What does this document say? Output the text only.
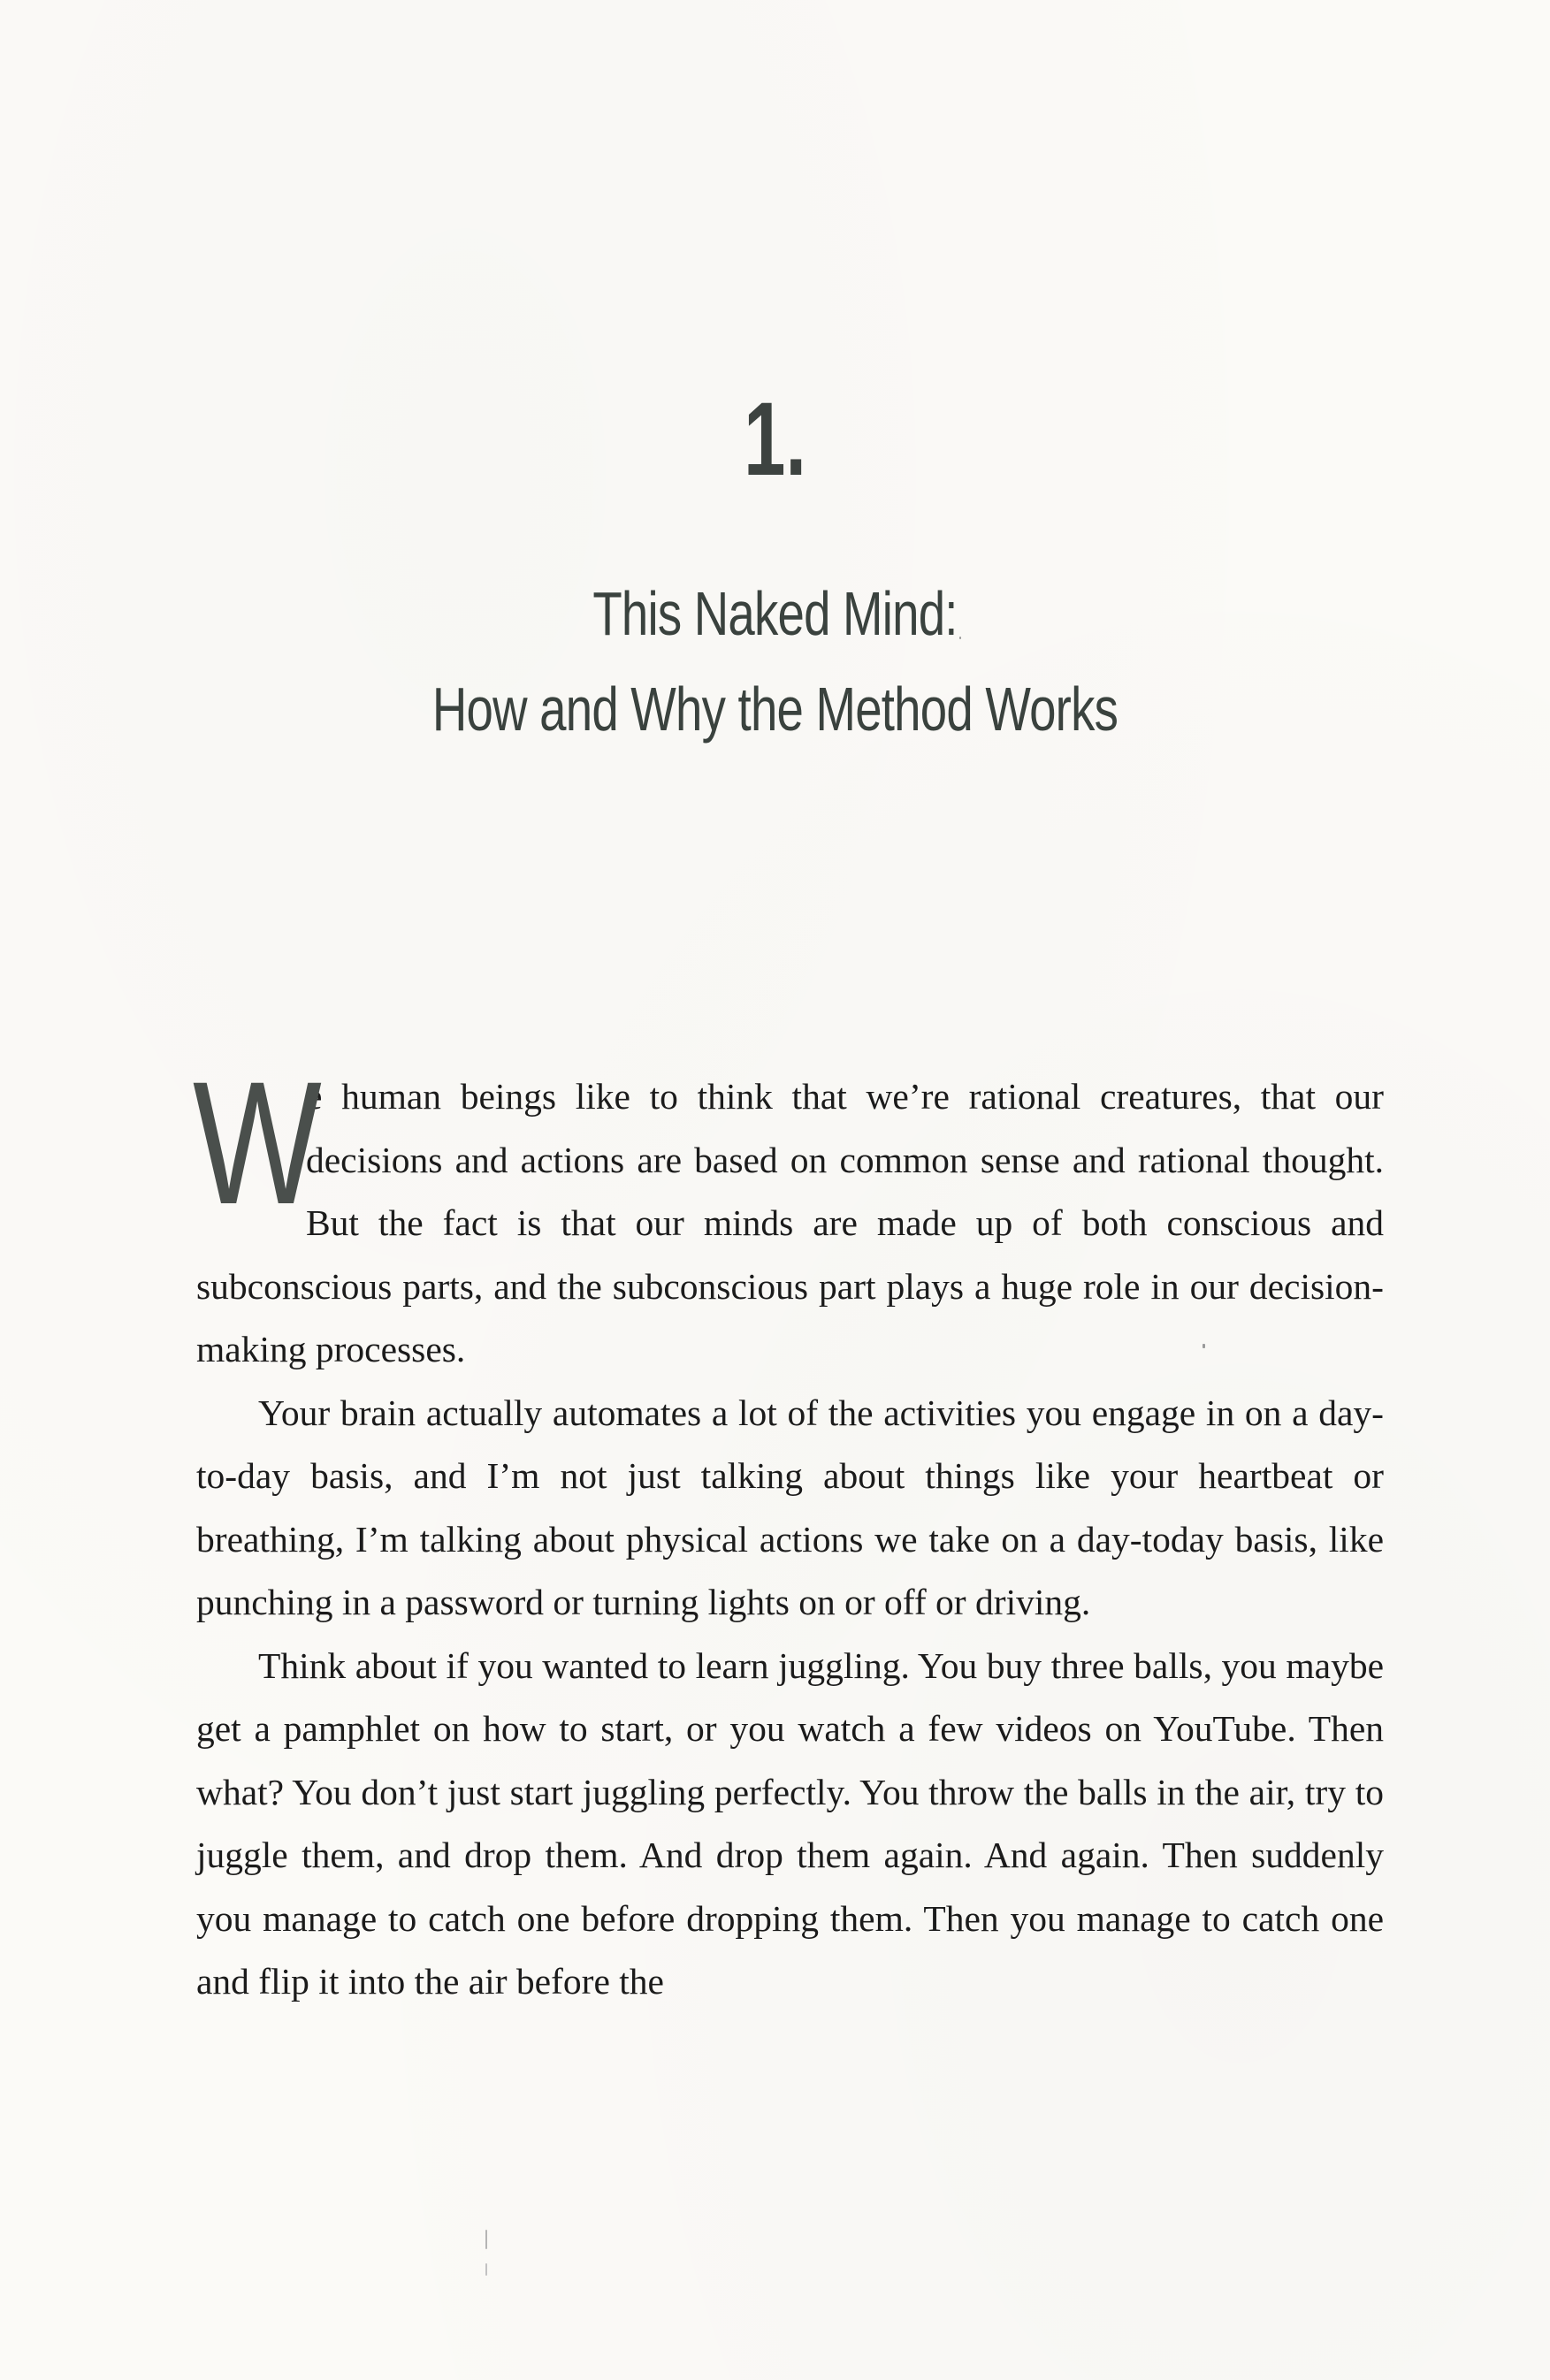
1.
This Naked Mind:
How and Why the Method Works

W
e human beings like to think that we’re rational creatures, that our decisions and actions are based on common sense and rational thought. But the fact is that our minds are made up of both conscious and subconscious parts, and the subconscious part plays a huge role in our decision-making processes.

Your brain actually automates a lot of the activities you engage in on a day-to-day basis, and I’m not just talking about things like your heartbeat or breathing, I’m talking about physical actions we take on a day-today basis, like punching in a password or turning lights on or off or driving.

Think about if you wanted to learn juggling. You buy three balls, you maybe get a pamphlet on how to start, or you watch a few videos on YouTube. Then what? You don’t just start juggling perfectly. You throw the balls in the air, try to juggle them, and drop them. And drop them again. And again. Then suddenly you manage to catch one before dropping them. Then you manage to catch one and flip it into the air before the
